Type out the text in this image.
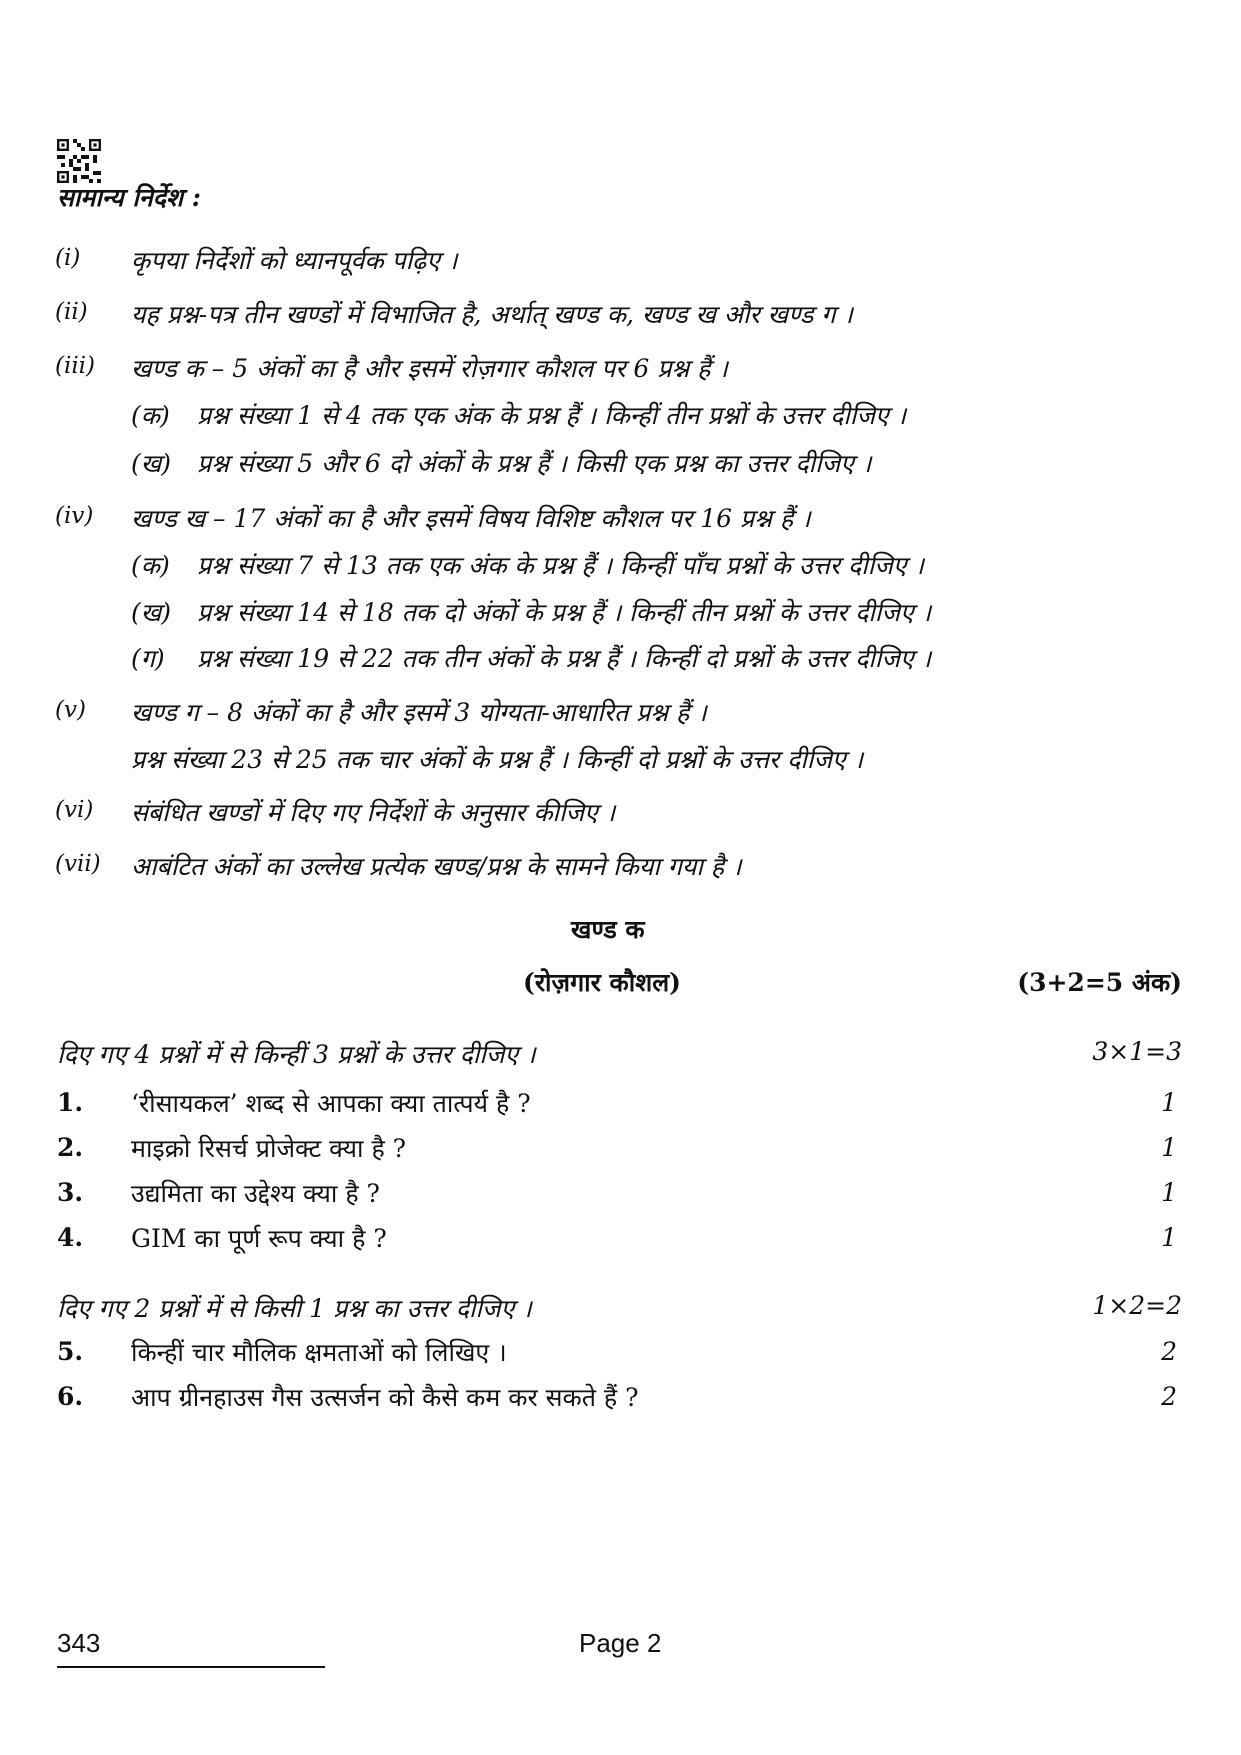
सामान्य निर्देश :
(i) कृपया निर्देशों को ध्यानपूर्वक पढ़िए ।
(ii) यह प्रश्न-पत्र तीन खण्डों में विभाजित है, अर्थात् खण्ड क, खण्ड ख और खण्ड ग ।
(iii) खण्ड क – 5 अंकों का है और इसमें रोज़गार कौशल पर 6 प्रश्न हैं ।
(क) प्रश्न संख्या 1 से 4 तक एक अंक के प्रश्न हैं । किन्हीं तीन प्रश्नों के उत्तर दीजिए ।
(ख) प्रश्न संख्या 5 और 6 दो अंकों के प्रश्न हैं । किसी एक प्रश्न का उत्तर दीजिए ।
(iv) खण्ड ख – 17 अंकों का है और इसमें विषय विशिष्ट कौशल पर 16 प्रश्न हैं ।
(क) प्रश्न संख्या 7 से 13 तक एक अंक के प्रश्न हैं । किन्हीं पाँच प्रश्नों के उत्तर दीजिए ।
(ख) प्रश्न संख्या 14 से 18 तक दो अंकों के प्रश्न हैं । किन्हीं तीन प्रश्नों के उत्तर दीजिए ।
(ग) प्रश्न संख्या 19 से 22 तक तीन अंकों के प्रश्न हैं । किन्हीं दो प्रश्नों के उत्तर दीजिए ।
(v) खण्ड ग – 8 अंकों का है और इसमें 3 योग्यता-आधारित प्रश्न हैं ।
प्रश्न संख्या 23 से 25 तक चार अंकों के प्रश्न हैं । किन्हीं दो प्रश्नों के उत्तर दीजिए ।
(vi) संबंधित खण्डों में दिए गए निर्देशों के अनुसार कीजिए ।
(vii) आबंटित अंकों का उल्लेख प्रत्येक खण्ड/प्रश्न के सामने किया गया है ।
खण्ड क
(रोज़गार कौशल)	(3+2=5 अंक)
दिए गए 4 प्रश्नों में से किन्हीं 3 प्रश्नों के उत्तर दीजिए ।	3×1=3
1. ‘रीसायकल’ शब्द से आपका क्या तात्पर्य है ?	1
2. माइक्रो रिसर्च प्रोजेक्ट क्या है ?	1
3. उद्यमिता का उद्देश्य क्या है ?	1
4. GIM का पूर्ण रूप क्या है ?	1
दिए गए 2 प्रश्नों में से किसी 1 प्रश्न का उत्तर दीजिए ।	1×2=2
5. किन्हीं चार मौलिक क्षमताओं को लिखिए ।	2
6. आप ग्रीनहाउस गैस उत्सर्जन को कैसे कम कर सकते हैं ?	2
343	Page 2
